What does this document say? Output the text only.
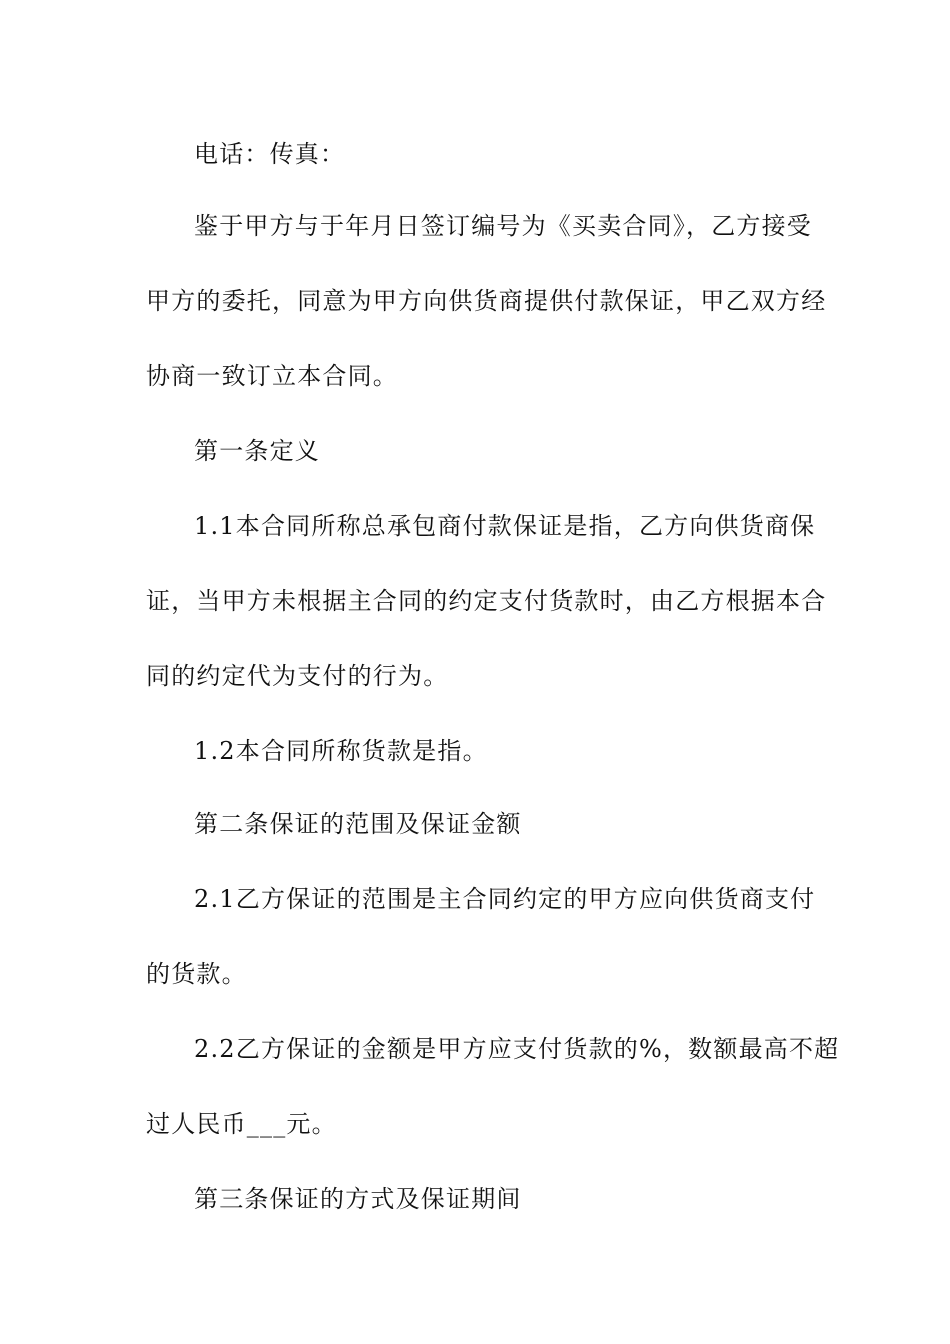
电话：传真：
鉴于甲方与于年月日签订编号为《买卖合同》，乙方接受
甲方的委托，同意为甲方向供货商提供付款保证，甲乙双方经
协商一致订立本合同。
第一条定义
1.1本合同所称总承包商付款保证是指，乙方向供货商保
证，当甲方未根据主合同的约定支付货款时，由乙方根据本合
同的约定代为支付的行为。
1.2本合同所称货款是指。
第二条保证的范围及保证金额
2.1乙方保证的范围是主合同约定的甲方应向供货商支付
的货款。
2.2乙方保证的金额是甲方应支付货款的%，数额最高不超
过人民币___元。
第三条保证的方式及保证期间
